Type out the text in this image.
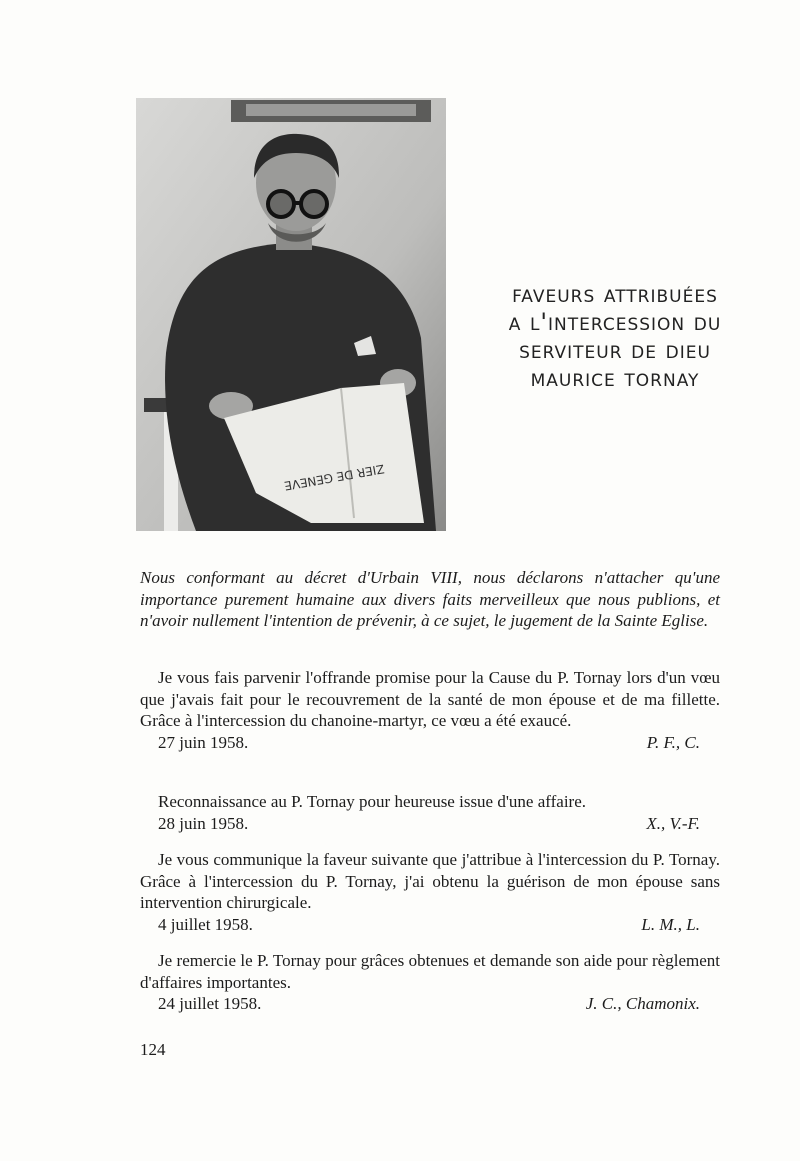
ZIER DE GENEVE
faveurs attribuées
a l'intercession du
serviteur de dieu
maurice tornay
Nous conformant au décret d'Urbain VIII, nous déclarons n'attacher qu'une importance purement humaine aux divers faits merveilleux que nous publions, et n'avoir nullement l'intention de prévenir, à ce sujet, le jugement de la Sainte Eglise.
Je vous fais parvenir l'offrande promise pour la Cause du P. Tornay lors d'un vœu que j'avais fait pour le recouvrement de la santé de mon épouse et de ma fillette. Grâce à l'intercession du chanoine-martyr, ce vœu a été exaucé.
27 juin 1958.	P. F., C.
Reconnaissance au P. Tornay pour heureuse issue d'une affaire.
28 juin 1958.	X., V.-F.
Je vous communique la faveur suivante que j'attribue à l'intercession du P. Tornay. Grâce à l'intercession du P. Tornay, j'ai obtenu la guérison de mon épouse sans intervention chirurgicale.
4 juillet 1958.	L. M., L.
Je remercie le P. Tornay pour grâces obtenues et demande son aide pour règlement d'affaires importantes.
24 juillet 1958.	J. C., Chamonix.
124
